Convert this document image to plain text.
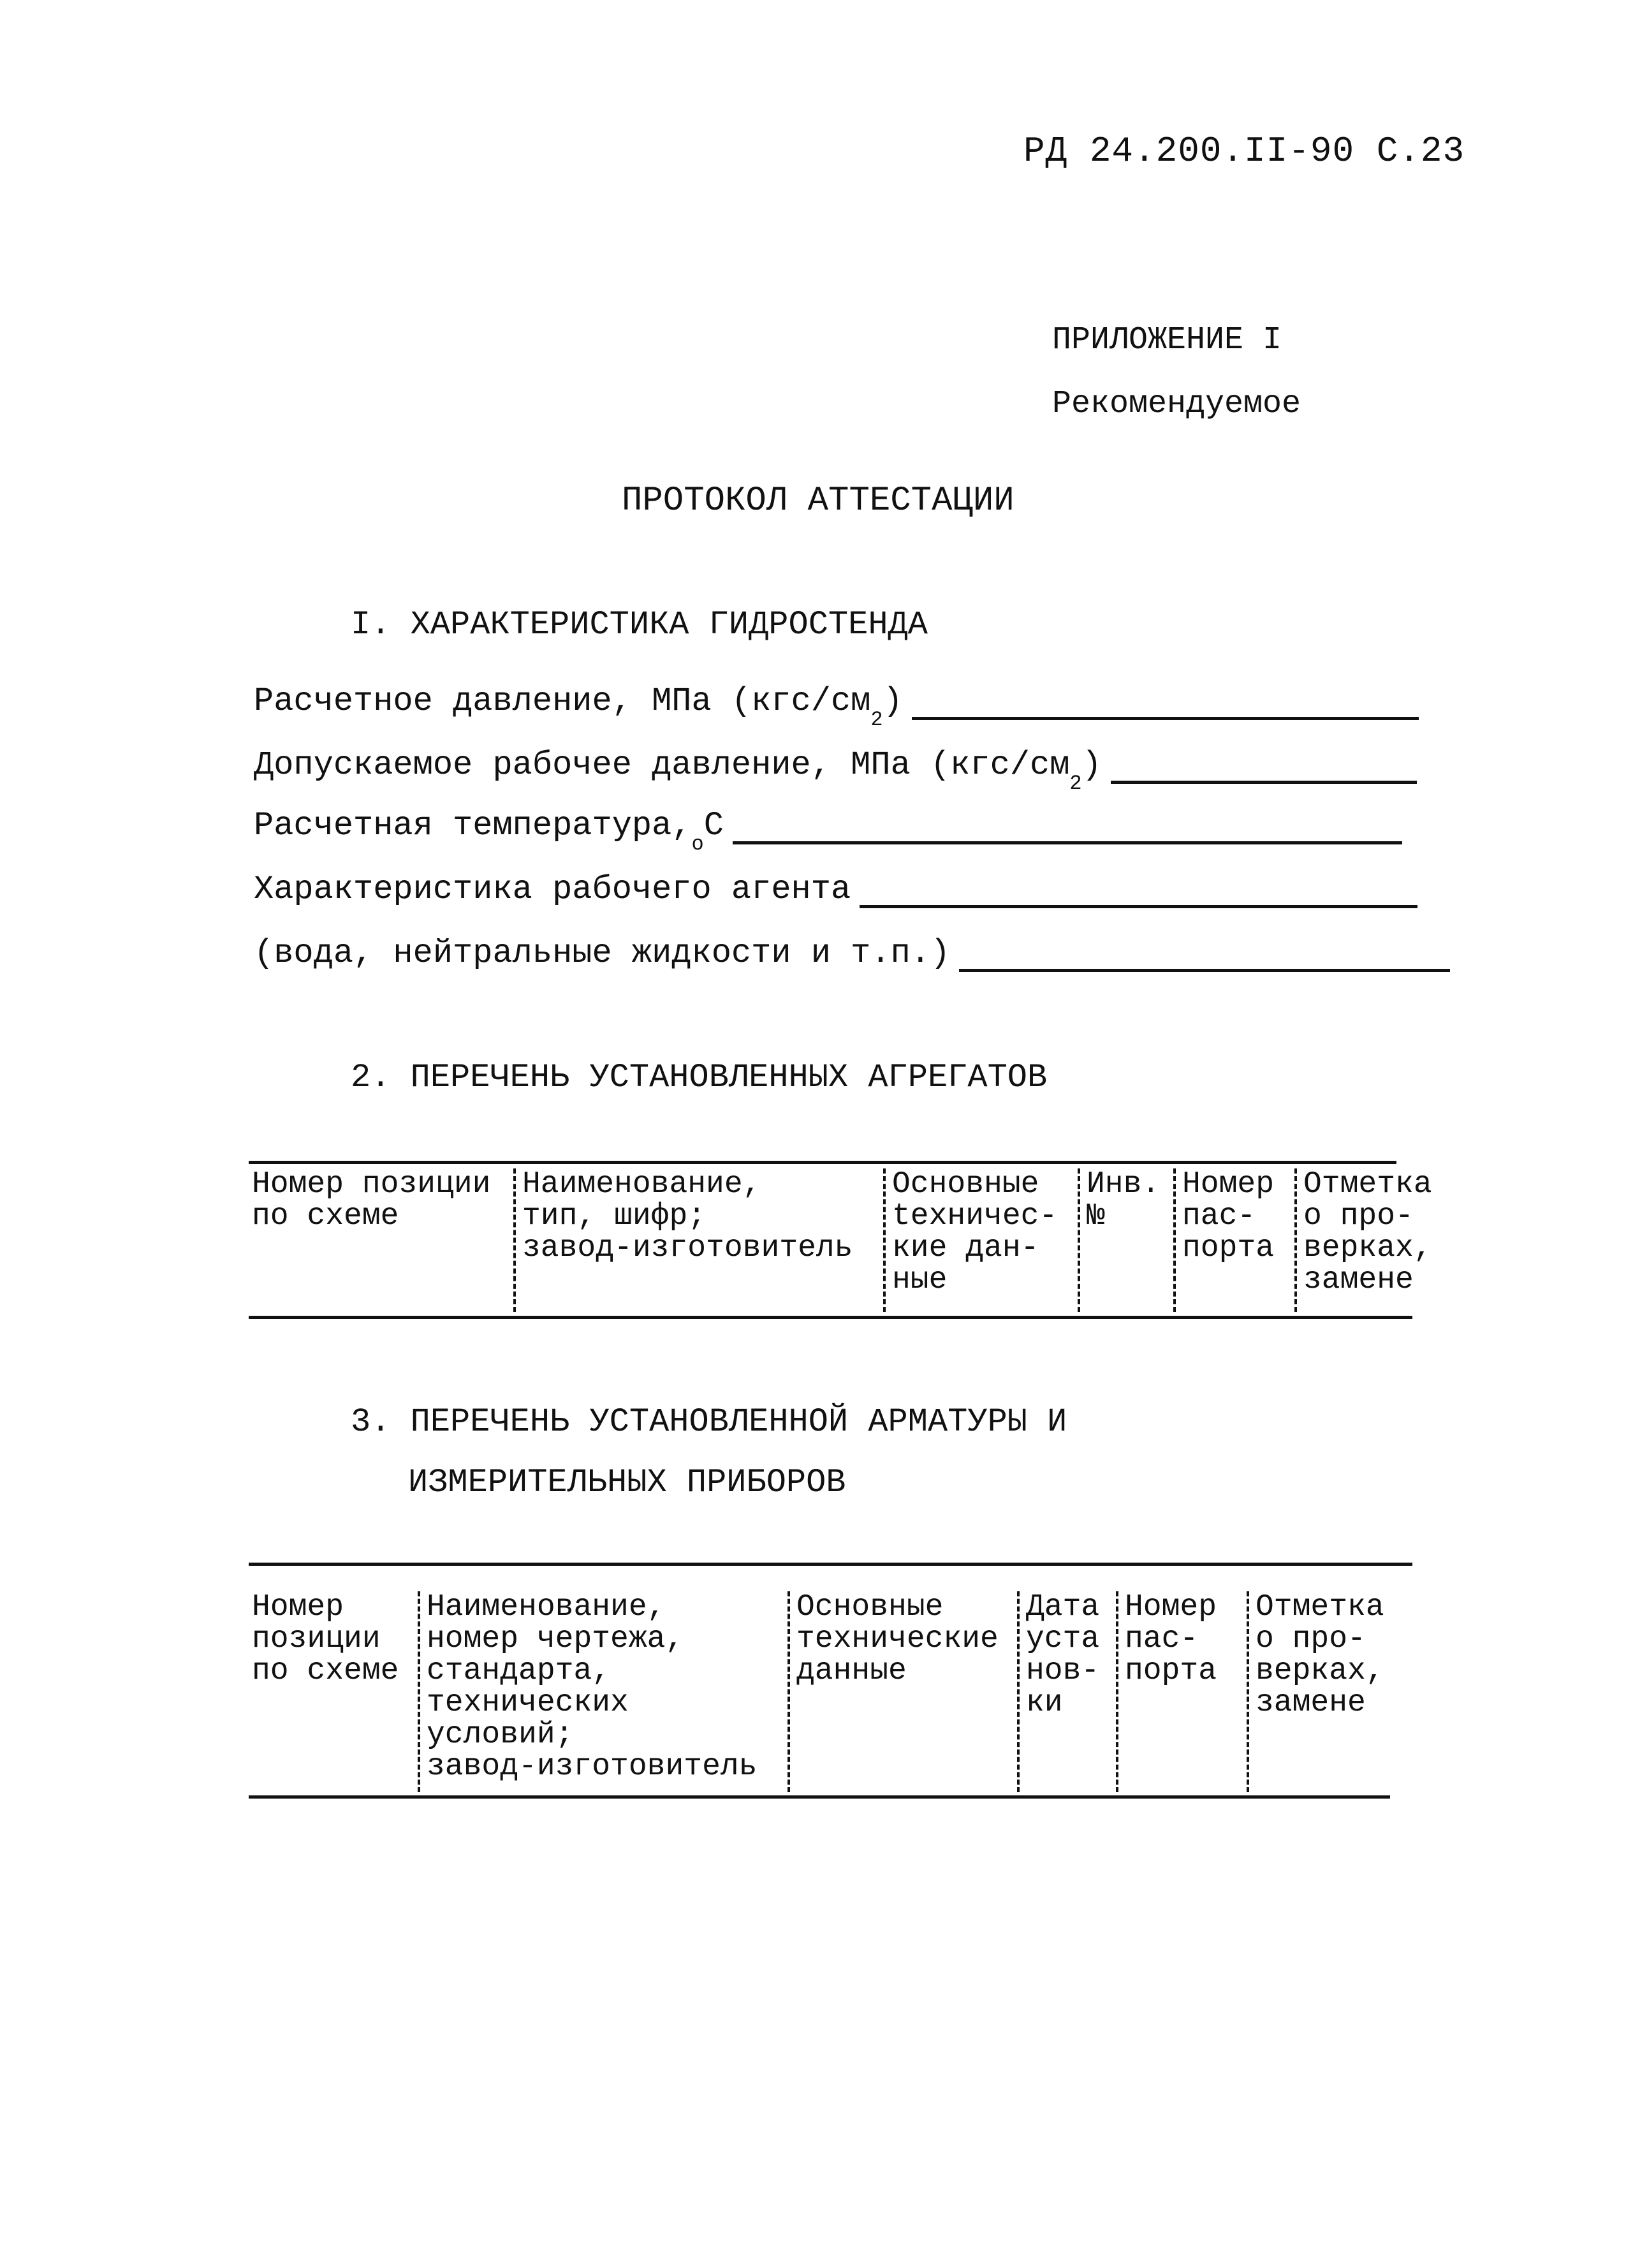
РД 24.200.II-90 С.23
ПРИЛОЖЕНИЕ I
Рекомендуемое
ПРОТОКОЛ АТТЕСТАЦИИ
I. ХАРАКТЕРИСТИКА ГИДРОСТЕНДА
Расчетное давление, МПа (кгс/см 2 )
Допускаемое рабочее давление, МПа (кгс/см 2 )
Расчетная температура, о С
Характеристика рабочего агента
(вода, нейтральные жидкости и т.п.)
2. ПЕРЕЧЕНЬ УСТАНОВЛЕННЫХ АГРЕГАТОВ
Номер позиции
по схеме
Наименование,
тип, шифр;
завод-изготовитель
Основные
tехничес-
кие дан-
ные
Инв.
№
Номер
пас-
порта
Отметка
о про-
верках,
замене
3. ПЕРЕЧЕНЬ УСТАНОВЛЕННОЙ АРМАТУРЫ И
ИЗМЕРИТЕЛЬНЫХ ПРИБОРОВ
Номер
позиции
по схеме
Наименование,
номер чертежа,
стандарта,
технических
условий;
завод-изготовитель
Основные
технические
данные
Дата
уста
нов-
ки
Номер
пас-
порта
Отметка
о про-
верках,
замене
